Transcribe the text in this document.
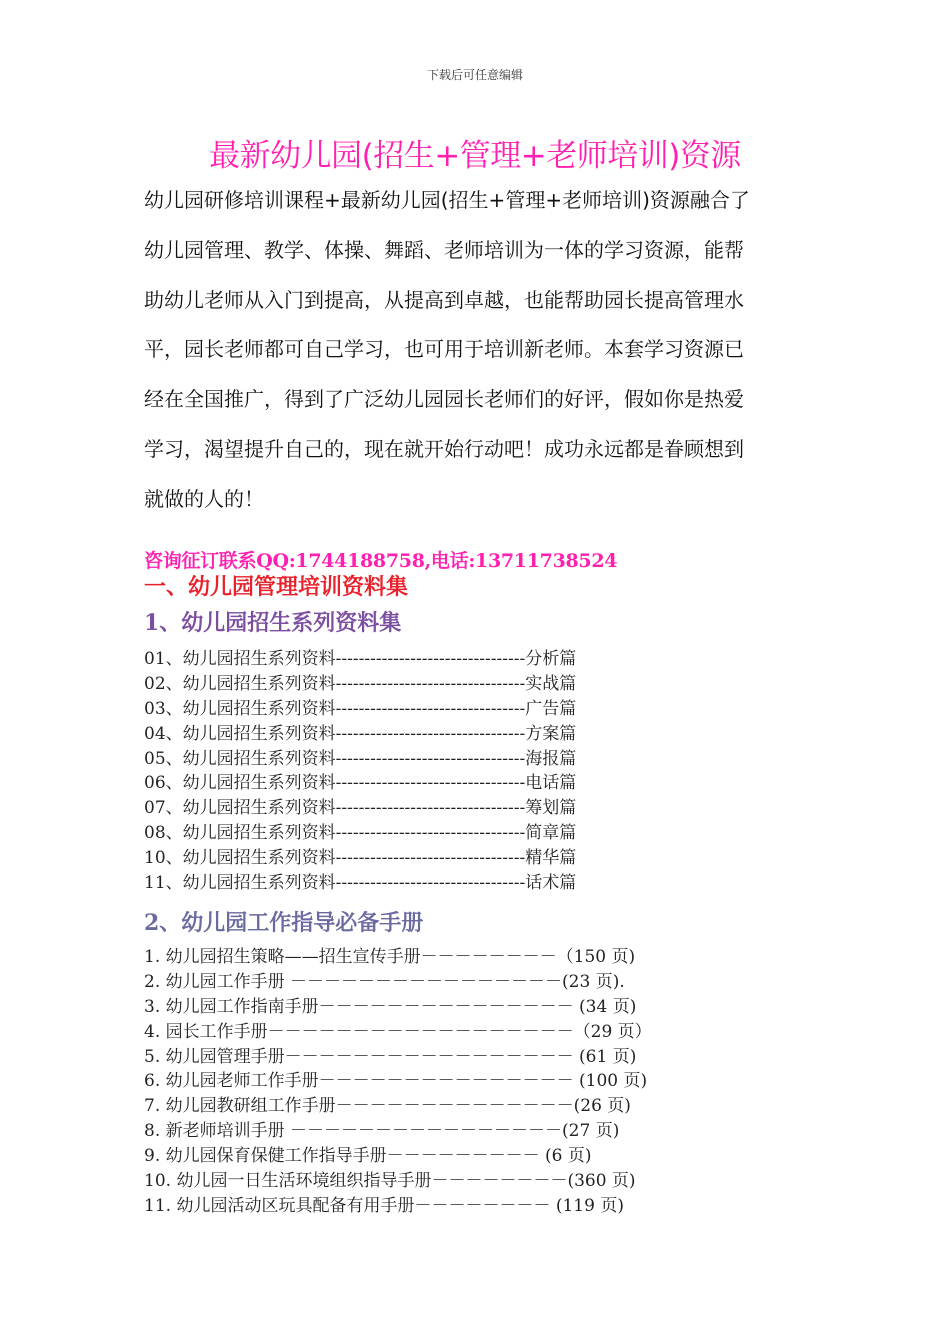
下载后可任意编辑
最新幼儿园(招生+管理+老师培训)资源
幼儿园研修培训课程+最新幼儿园(招生+管理+老师培训)资源融合了
幼儿园管理、教学、体操、舞蹈、老师培训为一体的学习资源，能帮
助幼儿老师从入门到提高，从提高到卓越，也能帮助园长提高管理水
平，园长老师都可自己学习，也可用于培训新老师。本套学习资源已
经在全国推广，得到了广泛幼儿园园长老师们的好评，假如你是热爱
学习，渴望提升自己的，现在就开始行动吧！成功永远都是眷顾想到
就做的人的！
咨询征订联系QQ:1744188758,电话:13711738524
一、幼儿园管理培训资料集
1、幼儿园招生系列资料集
01、幼儿园招生系列资料---------------------------------分析篇
02、幼儿园招生系列资料---------------------------------实战篇
03、幼儿园招生系列资料---------------------------------广告篇
04、幼儿园招生系列资料---------------------------------方案篇
05、幼儿园招生系列资料---------------------------------海报篇
06、幼儿园招生系列资料---------------------------------电话篇
07、幼儿园招生系列资料---------------------------------筹划篇
08、幼儿园招生系列资料---------------------------------简章篇
10、幼儿园招生系列资料---------------------------------精华篇
11、幼儿园招生系列资料---------------------------------话术篇
2、幼儿园工作指导必备手册
1. 幼儿园招生策略——招生宣传手册－－－－－－－－（150 页)
2. 幼儿园工作手册 －－－－－－－－－－－－－－－－(23 页).
3. 幼儿园工作指南手册－－－－－－－－－－－－－－－ (34 页)
4. 园长工作手册－－－－－－－－－－－－－－－－－－（29 页）
5. 幼儿园管理手册－－－－－－－－－－－－－－－－－ (61 页)
6. 幼儿园老师工作手册－－－－－－－－－－－－－－－ (100 页)
7. 幼儿园教研组工作手册－－－－－－－－－－－－－－(26 页)
8. 新老师培训手册 －－－－－－－－－－－－－－－－(27 页)
9. 幼儿园保育保健工作指导手册－－－－－－－－－ (6 页)
10. 幼儿园一日生活环境组织指导手册－－－－－－－－(360 页)
11. 幼儿园活动区玩具配备有用手册－－－－－－－－ (119 页)
